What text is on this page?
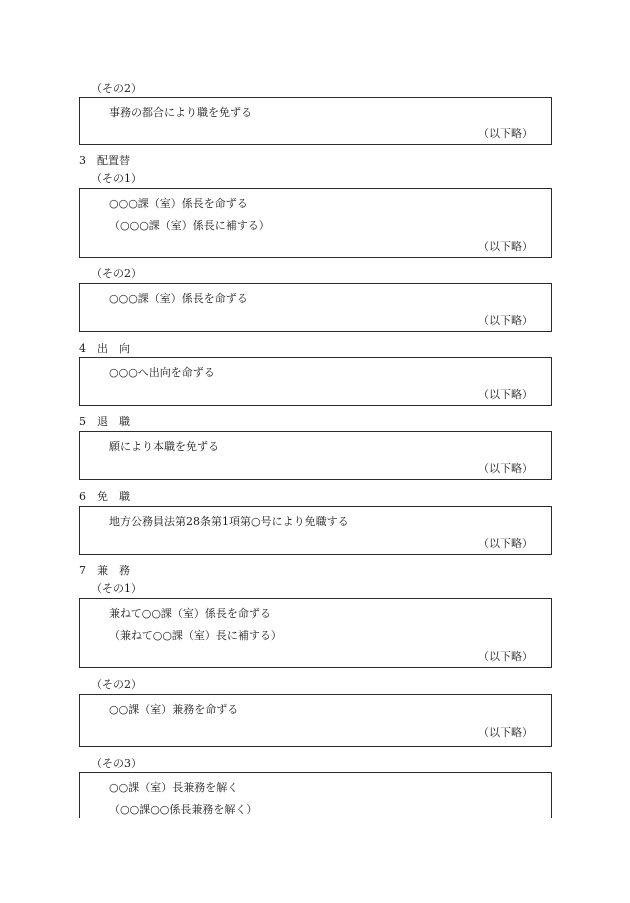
（その2）
事務の都合により職を免ずる
（以下略）
3　配置替
（その1）
○○○課（室）係長を命ずる
（○○○課（室）係長に補する）
（以下略）
（その2）
○○○課（室）係長を命ずる
（以下略）
4　出　向
○○○へ出向を命ずる
（以下略）
5　退　職
願により本職を免ずる
（以下略）
6　免　職
地方公務員法第28条第1項第○号により免職する
（以下略）
7　兼　務
（その1）
兼ねて○○課（室）係長を命ずる
（兼ねて○○課（室）長に補する）
（以下略）
（その2）
○○課（室）兼務を命ずる
（以下略）
（その3）
○○課（室）長兼務を解く
（○○課○○係長兼務を解く）
